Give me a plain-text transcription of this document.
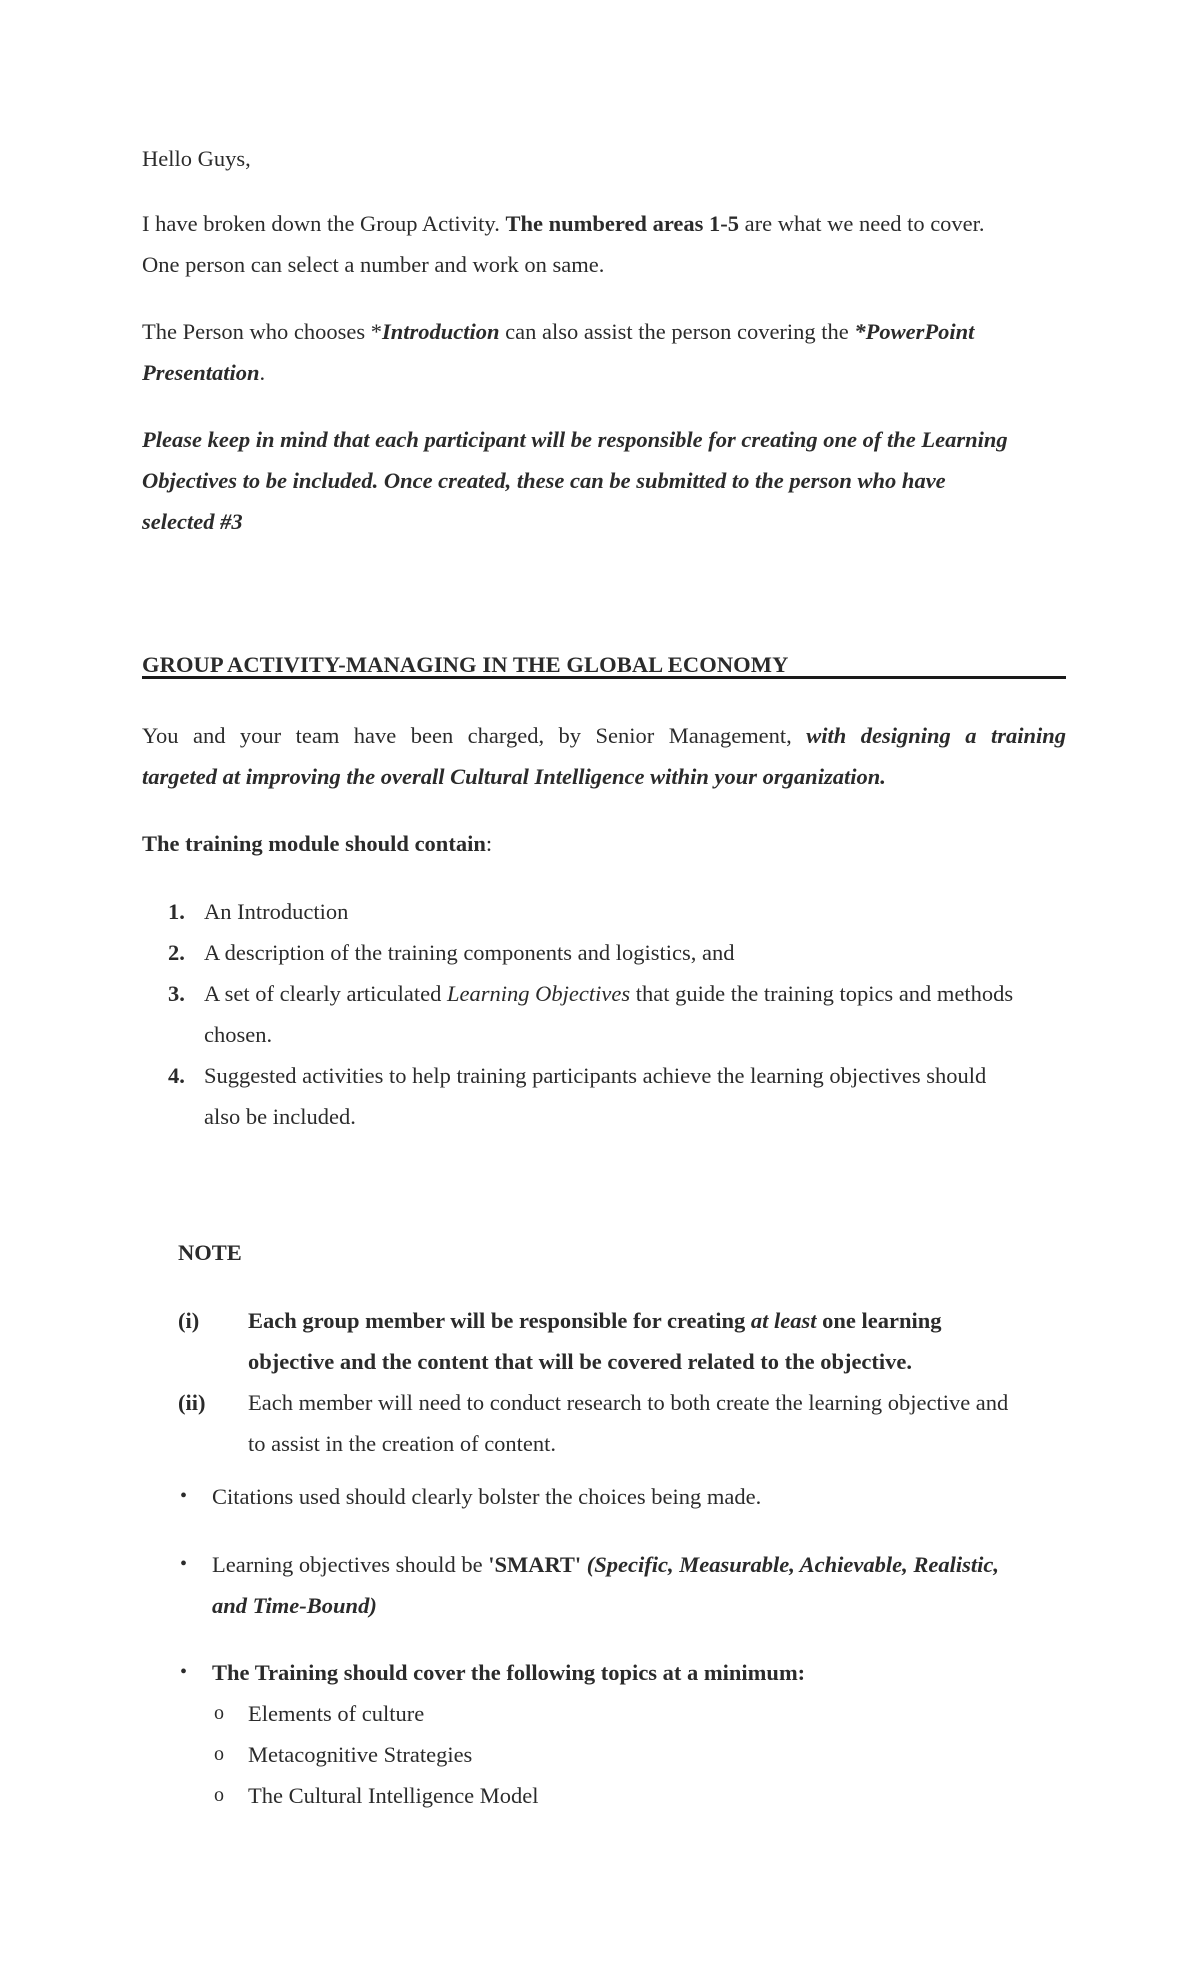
Hello Guys,

I have broken down the Group Activity. The numbered areas 1-5 are what we need to cover.
One person can select a number and work on same.

The Person who chooses *Introduction can also assist the person covering the *PowerPoint
Presentation.

Please keep in mind that each participant will be responsible for creating one of the Learning
Objectives to be included. Once created, these can be submitted to the person who have
selected #3

GROUP ACTIVITY-MANAGING IN THE GLOBAL ECONOMY

You and your team have been charged, by Senior Management, with designing a training
targeted at improving the overall Cultural Intelligence within your organization.

The training module should contain:

1. An Introduction
2. A description of the training components and logistics, and
3. A set of clearly articulated Learning Objectives that guide the training topics and methods
chosen.
4. Suggested activities to help training participants achieve the learning objectives should
also be included.
NOTE
(i) Each group member will be responsible for creating at least one learning
objective and the content that will be covered related to the objective.
(ii) Each member will need to conduct research to both create the learning objective and
to assist in the creation of content.
• Citations used should clearly bolster the choices being made.
• Learning objectives should be 'SMART' (Specific, Measurable, Achievable, Realistic,
and Time-Bound)
• The Training should cover the following topics at a minimum:
o Elements of culture
o Metacognitive Strategies
o The Cultural Intelligence Model
